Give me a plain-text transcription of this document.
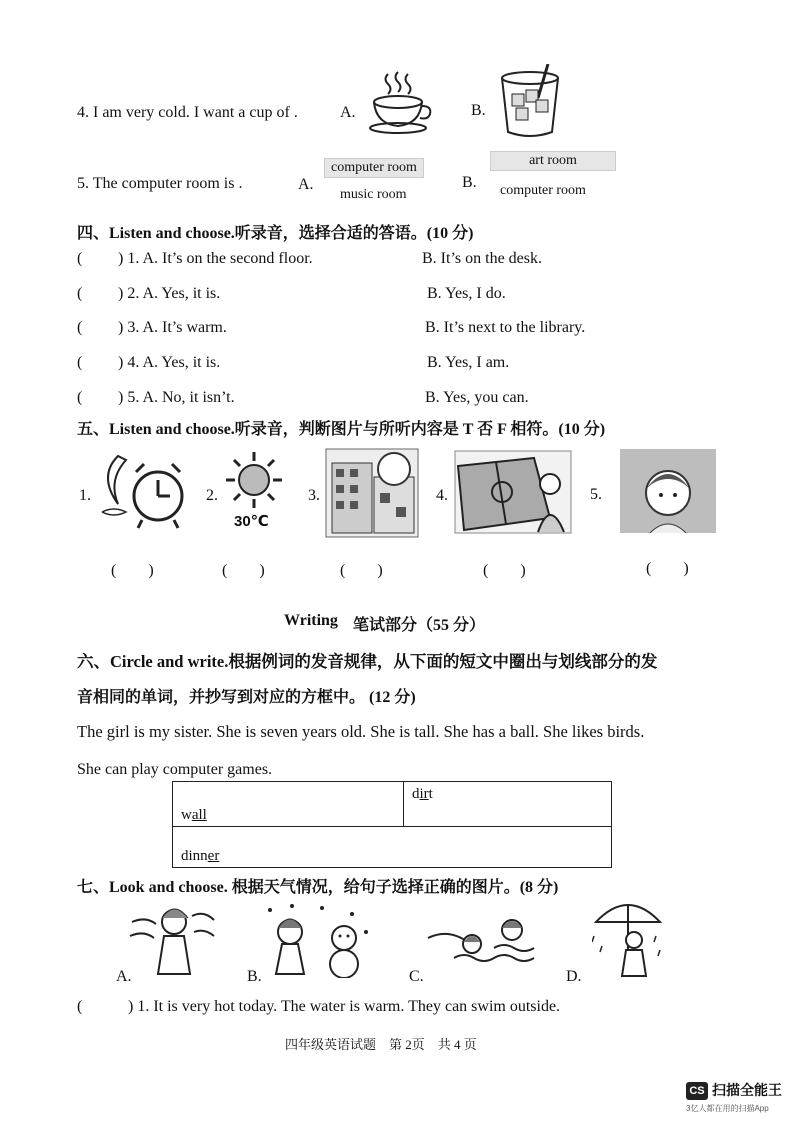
4. I am very cold. I want a cup of .	A.	B.
5. The computer room is .	A.
computer room
music room
B.
art room
computer room
四、Listen and choose.听录音，选择合适的答语。(10 分)
( ) 1. A. It’s on the second floor.	B. It’s on the desk.
( ) 2. A. Yes, it is.	B. Yes, I do.
( ) 3. A. It’s warm.	B. It’s next to the library.
( ) 4. A. Yes, it is.	B. Yes, I am.
( ) 5. A. No, it isn’t.	B. Yes, you can.
五、Listen and choose.听录音，判断图片与所听内容是 T 否 F 相符。(10 分)
1.	2.
30℃
3.	4.	5.
(　　)	(　　)	(　　)	(　　)	(　　)
Writing 笔试部分（55 分）
六、Circle and write.根据例词的发音规律，从下面的短文中圈出与划线部分的发
音相同的单词，并抄写到对应的方框中。 (12 分)
The girl is my sister. She is seven years old. She is tall. She has a ball. She likes birds.
She can play computer games.
wall	dirt
dinner
七、Look and choose. 根据天气情况，给句子选择正确的图片。(8 分)
A.	B.	C.	D.
(	) 1. It is very hot today. The water is warm. They can swim outside.
四年级英语试题　第 2页　共 4 页
CS 扫描全能王
3亿人都在用的扫描App
